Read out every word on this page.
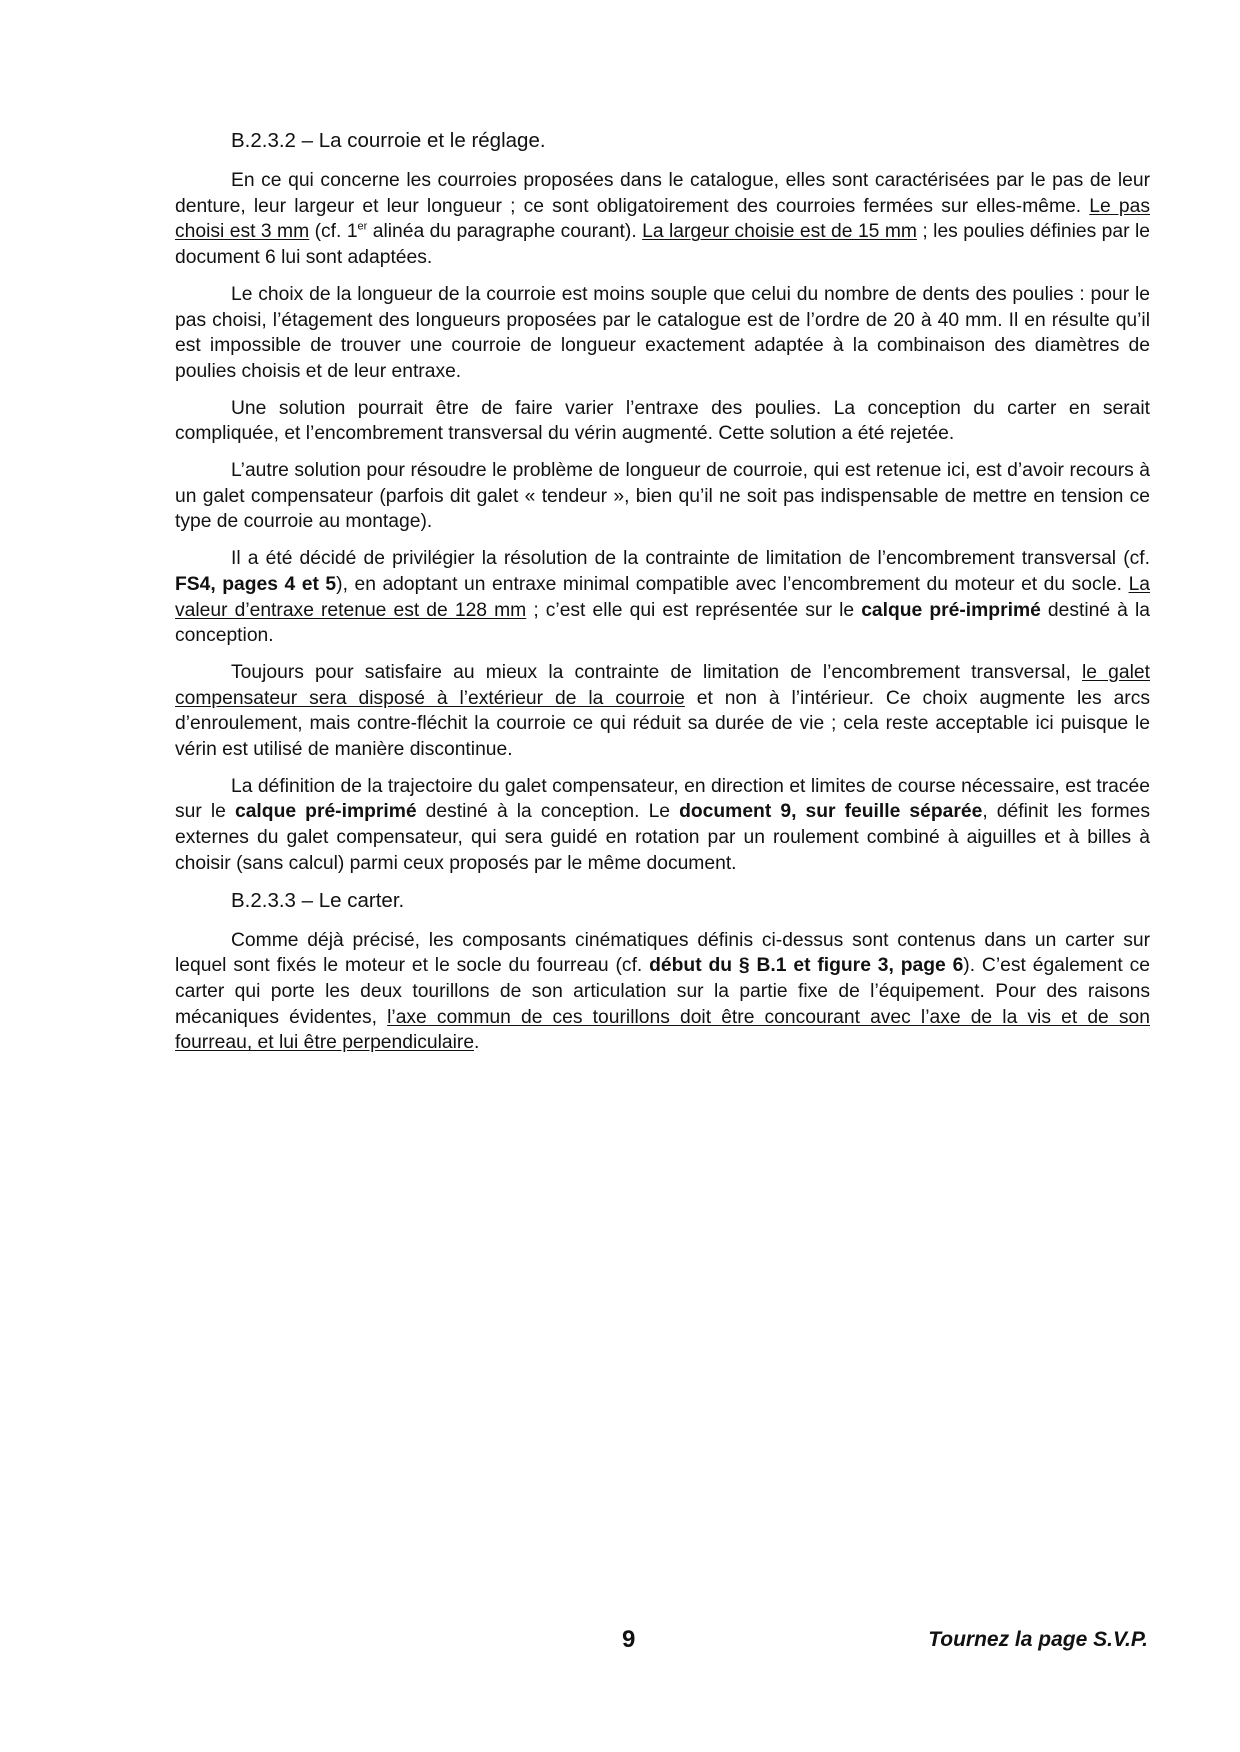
B.2.3.2 – La courroie et le réglage.
En ce qui concerne les courroies proposées dans le catalogue, elles sont caractérisées par le pas de leur denture, leur largeur et leur longueur ; ce sont obligatoirement des courroies fermées sur elles-même. Le pas choisi est 3 mm (cf. 1er alinéa du paragraphe courant). La largeur choisie est de 15 mm ; les poulies définies par le document 6 lui sont adaptées.
Le choix de la longueur de la courroie est moins souple que celui du nombre de dents des poulies : pour le pas choisi, l’étagement des longueurs proposées par le catalogue est de l’ordre de 20 à 40 mm. Il en résulte qu’il est impossible de trouver une courroie de longueur exactement adaptée à la combinaison des diamètres de poulies choisis et de leur entraxe.
Une solution pourrait être de faire varier l’entraxe des poulies. La conception du carter en serait compliquée, et l’encombrement transversal du vérin augmenté. Cette solution a été rejetée.
L’autre solution pour résoudre le problème de longueur de courroie, qui est retenue ici, est d’avoir recours à un galet compensateur (parfois dit galet « tendeur », bien qu’il ne soit pas indispensable de mettre en tension ce type de courroie au montage).
Il a été décidé de privilégier la résolution de la contrainte de limitation de l’encombrement transversal (cf. FS4, pages 4 et 5), en adoptant un entraxe minimal compatible avec l’encombrement du moteur et du socle. La valeur d’entraxe retenue est de 128 mm ; c’est elle qui est représentée sur le calque pré-imprimé destiné à la conception.
Toujours pour satisfaire au mieux la contrainte de limitation de l’encombrement transversal, le galet compensateur sera disposé à l’extérieur de la courroie et non à l’intérieur. Ce choix augmente les arcs d’enroulement, mais contre-fléchit la courroie ce qui réduit sa durée de vie ; cela reste acceptable ici puisque le vérin est utilisé de manière discontinue.
La définition de la trajectoire du galet compensateur, en direction et limites de course nécessaire, est tracée sur le calque pré-imprimé destiné à la conception. Le document 9, sur feuille séparée, définit les formes externes du galet compensateur, qui sera guidé en rotation par un roulement combiné à aiguilles et à billes à choisir (sans calcul) parmi ceux proposés par le même document.
B.2.3.3 – Le carter.
Comme déjà précisé, les composants cinématiques définis ci-dessus sont contenus dans un carter sur lequel sont fixés le moteur et le socle du fourreau (cf. début du § B.1 et figure 3, page 6). C’est également ce carter qui porte les deux tourillons de son articulation sur la partie fixe de l’équipement. Pour des raisons mécaniques évidentes, l’axe commun de ces tourillons doit être concourant avec l’axe de la vis et de son fourreau, et lui être perpendiculaire.
9	Tournez la page S.V.P.
